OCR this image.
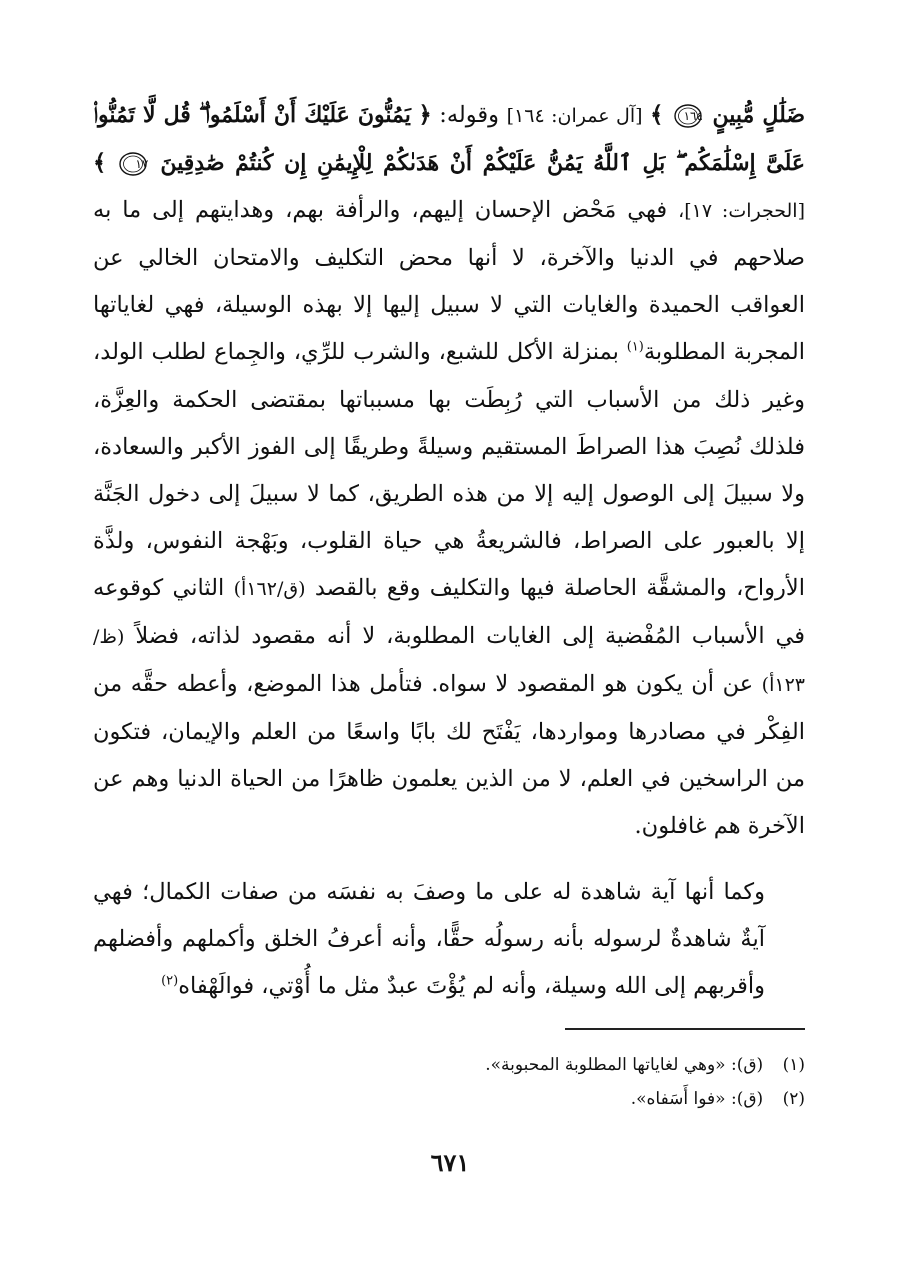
ضَلَٰلٍ مُّبِينٍ
١٦٤ ﴾ [آل عمران: ١٦٤] وقوله: ﴿ يَمُنُّونَ عَلَيْكَ أَنْ أَسْلَمُوا۟ ۖ قُل لَّا تَمُنُّوا۟ عَلَىَّ إِسْلَٰمَكُم ۖ بَلِ ٱللَّهُ يَمُنُّ عَلَيْكُمْ أَنْ هَدَىٰكُمْ لِلْإِيمَٰنِ إِن كُنتُمْ صَٰدِقِينَ
١٧ ﴾ [الحجرات: ١٧]، فهي مَحْض الإحسان إليهم، والرأفة بهم، وهدايتهم إلى ما به صلاحهم في الدنيا والآخرة، لا أنها محض التكليف والامتحان الخالي عن العواقب الحميدة والغايات التي لا سبيل إليها إلا بهذه الوسيلة، فهي لغاياتها المجربة المطلوبة$^{(١)}$ بمنزلة الأكل للشبع، والشرب للرِّي، والجِماع لطلب الولد، وغير ذلك من الأسباب التي رُبِطَت بها مسبباتها بمقتضى الحكمة والعِزَّة، فلذلك نُصِبَ هذا الصراطَ المستقيم وسيلةً وطريقًا إلى الفوز الأكبر والسعادة، ولا سبيلَ إلى الوصول إليه إلا من هذه الطريق، كما لا سبيلَ إلى دخول الجَنَّة إلا بالعبور على الصراط، فالشريعةُ هي حياة القلوب، وبَهْجة النفوس، ولذَّة الأرواح، والمشقَّة الحاصلة فيها والتكليف وقع بالقصد (ق/١٦٢أ) الثاني كوقوعه في الأسباب المُفْضية إلى الغايات المطلوبة، لا أنه مقصود لذاته، فضلاً (ظ/١٢٣أ) عن أن يكون هو المقصود لا سواه. فتأمل هذا الموضع، وأعطه حقَّه من الفِكْر في مصادرها ومواردها، يَفْتَح لك بابًا واسعًا من العلم والإيمان، فتكون من الراسخين في العلم، لا من الذين يعلمون ظاهرًا من الحياة الدنيا وهم عن الآخرة هم غافلون.

وكما أنها آية شاهدة له على ما وصفَ به نفسَه من صفات الكمال؛ فهي آيةٌ شاهدةٌ لرسوله بأنه رسولُه حقًّا، وأنه أعرفُ الخلق وأكملهم وأفضلهم وأقربهم إلى الله وسيلة، وأنه لم يُؤْتَ عبدٌ مثل ما أُوْتي، فوالَهْفاه$^{(٢)}$

(١) (ق): «وهي لغاياتها المطلوبة المحبوبة».
(٢) (ق): «فوا أَسَفاه».
٦٧١
